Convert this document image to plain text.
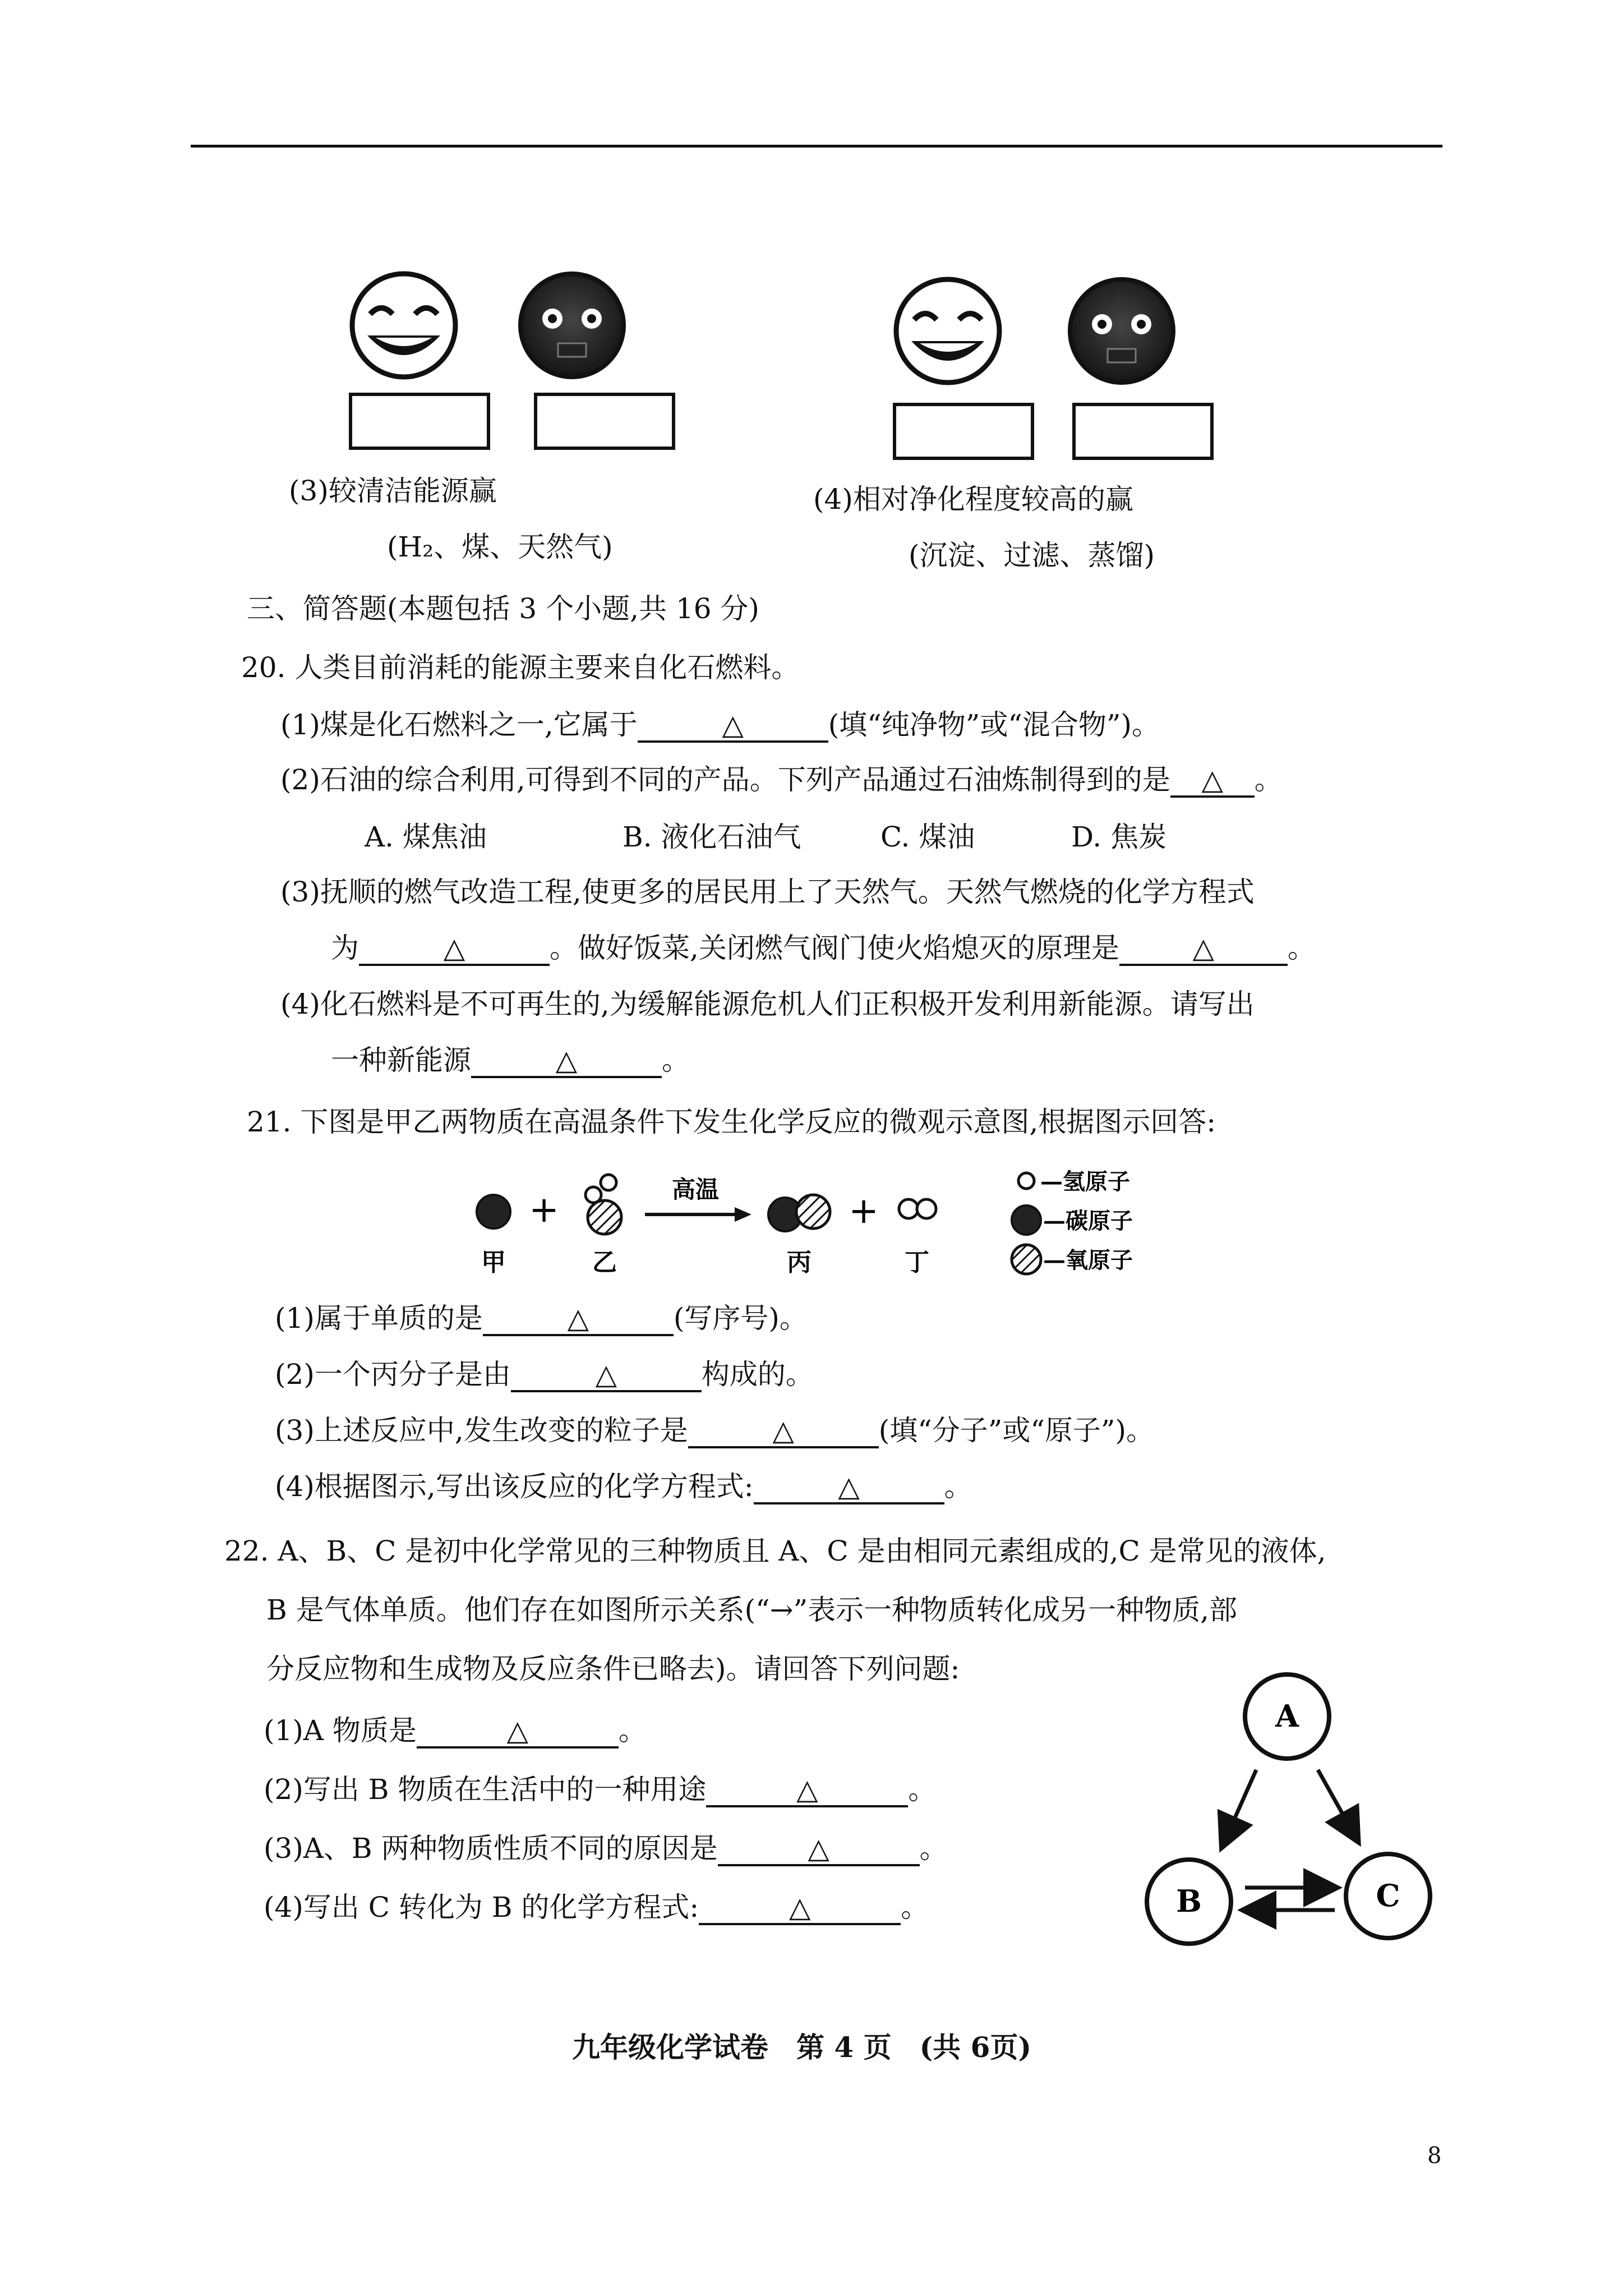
(3)较清洁能源赢
(H₂、煤、天然气)
(4)相对净化程度较高的赢
(沉淀、过滤、蒸馏)
三、简答题(本题包括 3 个小题,共 16 分)
20. 人类目前消耗的能源主要来自化石燃料。
(1)煤是化石燃料之一,它属于	△	(填“纯净物”或“混合物”)。
(2)石油的综合利用,可得到不同的产品。下列产品通过石油炼制得到的是 △ 。
A. 煤焦油	B. 液化石油气	C. 煤油	D. 焦炭
(3)抚顺的燃气改造工程,使更多的居民用上了天然气。天然气燃烧的化学方程式
为	△	。做好饭菜,关闭燃气阀门使火焰熄灭的原理是	△	。
(4)化石燃料是不可再生的,为缓解能源危机人们正积极开发利用新能源。请写出
一种新能源	△	。
21. 下图是甲乙两物质在高温条件下发生化学反应的微观示意图,根据图示回答:
+	高温
+
甲	乙	丙	丁
—氢原子
—碳原子
—氧原子
(1)属于单质的是	△	(写序号)。
(2)一个丙分子是由	△	构成的。
(3)上述反应中,发生改变的粒子是	△	(填“分子”或“原子”)。
(4)根据图示,写出该反应的化学方程式:	△	。
22. A、B、C 是初中化学常见的三种物质且 A、C 是由相同元素组成的,C 是常见的液体,
B 是气体单质。他们存在如图所示关系(“→”表示一种物质转化成另一种物质,部
分反应物和生成物及反应条件已略去)。请回答下列问题:
(1)A 物质是	△	。
(2)写出 B 物质在生活中的一种用途	△	。
(3)A、B 两种物质性质不同的原因是	△	。
(4)写出 C 转化为 B 的化学方程式:	△	。
A
B	C
九年级化学试卷　第 4 页　(共 6页)
8
